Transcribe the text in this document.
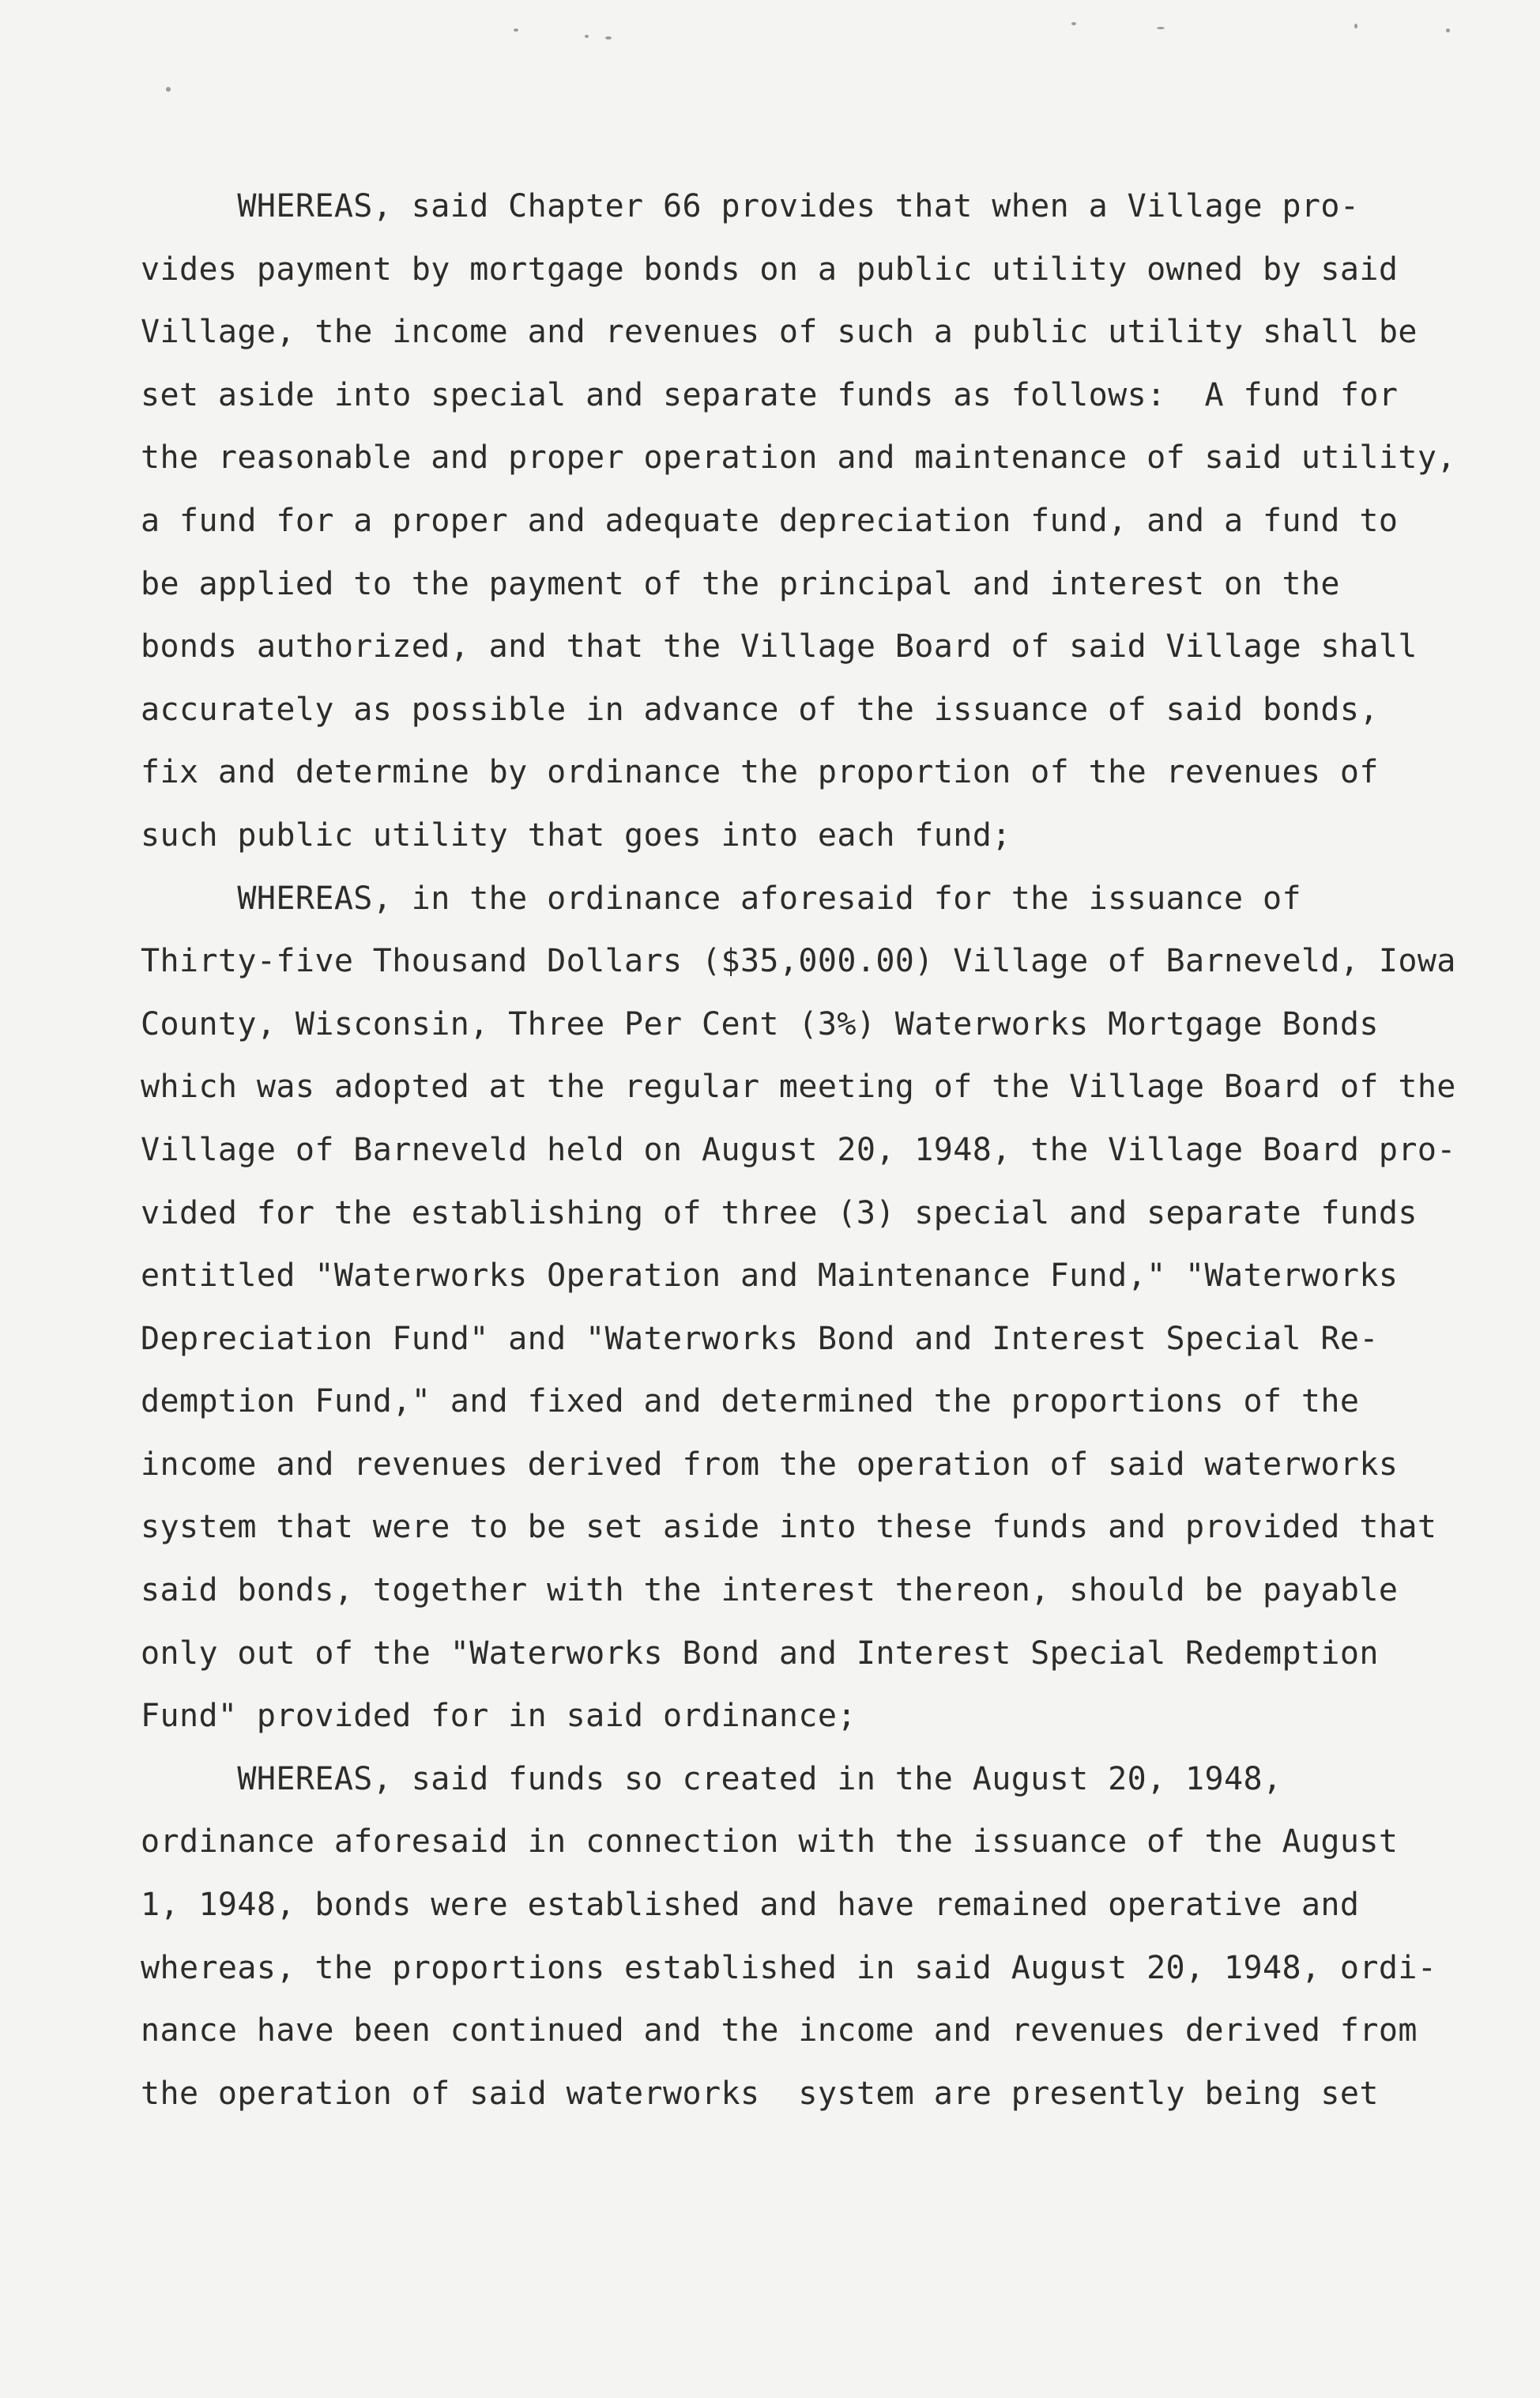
WHEREAS, said Chapter 66 provides that when a Village pro-
vides payment by mortgage bonds on a public utility owned by said
Village, the income and revenues of such a public utility shall be
set aside into special and separate funds as follows:  A fund for
the reasonable and proper operation and maintenance of said utility,
a fund for a proper and adequate depreciation fund, and a fund to
be applied to the payment of the principal and interest on the
bonds authorized, and that the Village Board of said Village shall
accurately as possible in advance of the issuance of said bonds,
fix and determine by ordinance the proportion of the revenues of
such public utility that goes into each fund;
WHEREAS, in the ordinance aforesaid for the issuance of
Thirty-five Thousand Dollars ($35,000.00) Village of Barneveld, Iowa
County, Wisconsin, Three Per Cent (3%) Waterworks Mortgage Bonds
which was adopted at the regular meeting of the Village Board of the
Village of Barneveld held on August 20, 1948, the Village Board pro-
vided for the establishing of three (3) special and separate funds
entitled "Waterworks Operation and Maintenance Fund," "Waterworks
Depreciation Fund" and "Waterworks Bond and Interest Special Re-
demption Fund," and fixed and determined the proportions of the
income and revenues derived from the operation of said waterworks
system that were to be set aside into these funds and provided that
said bonds, together with the interest thereon, should be payable
only out of the "Waterworks Bond and Interest Special Redemption
Fund" provided for in said ordinance;
WHEREAS, said funds so created in the August 20, 1948,
ordinance aforesaid in connection with the issuance of the August
1, 1948, bonds were established and have remained operative and
whereas, the proportions established in said August 20, 1948, ordi-
nance have been continued and the income and revenues derived from
the operation of said waterworks  system are presently being set
